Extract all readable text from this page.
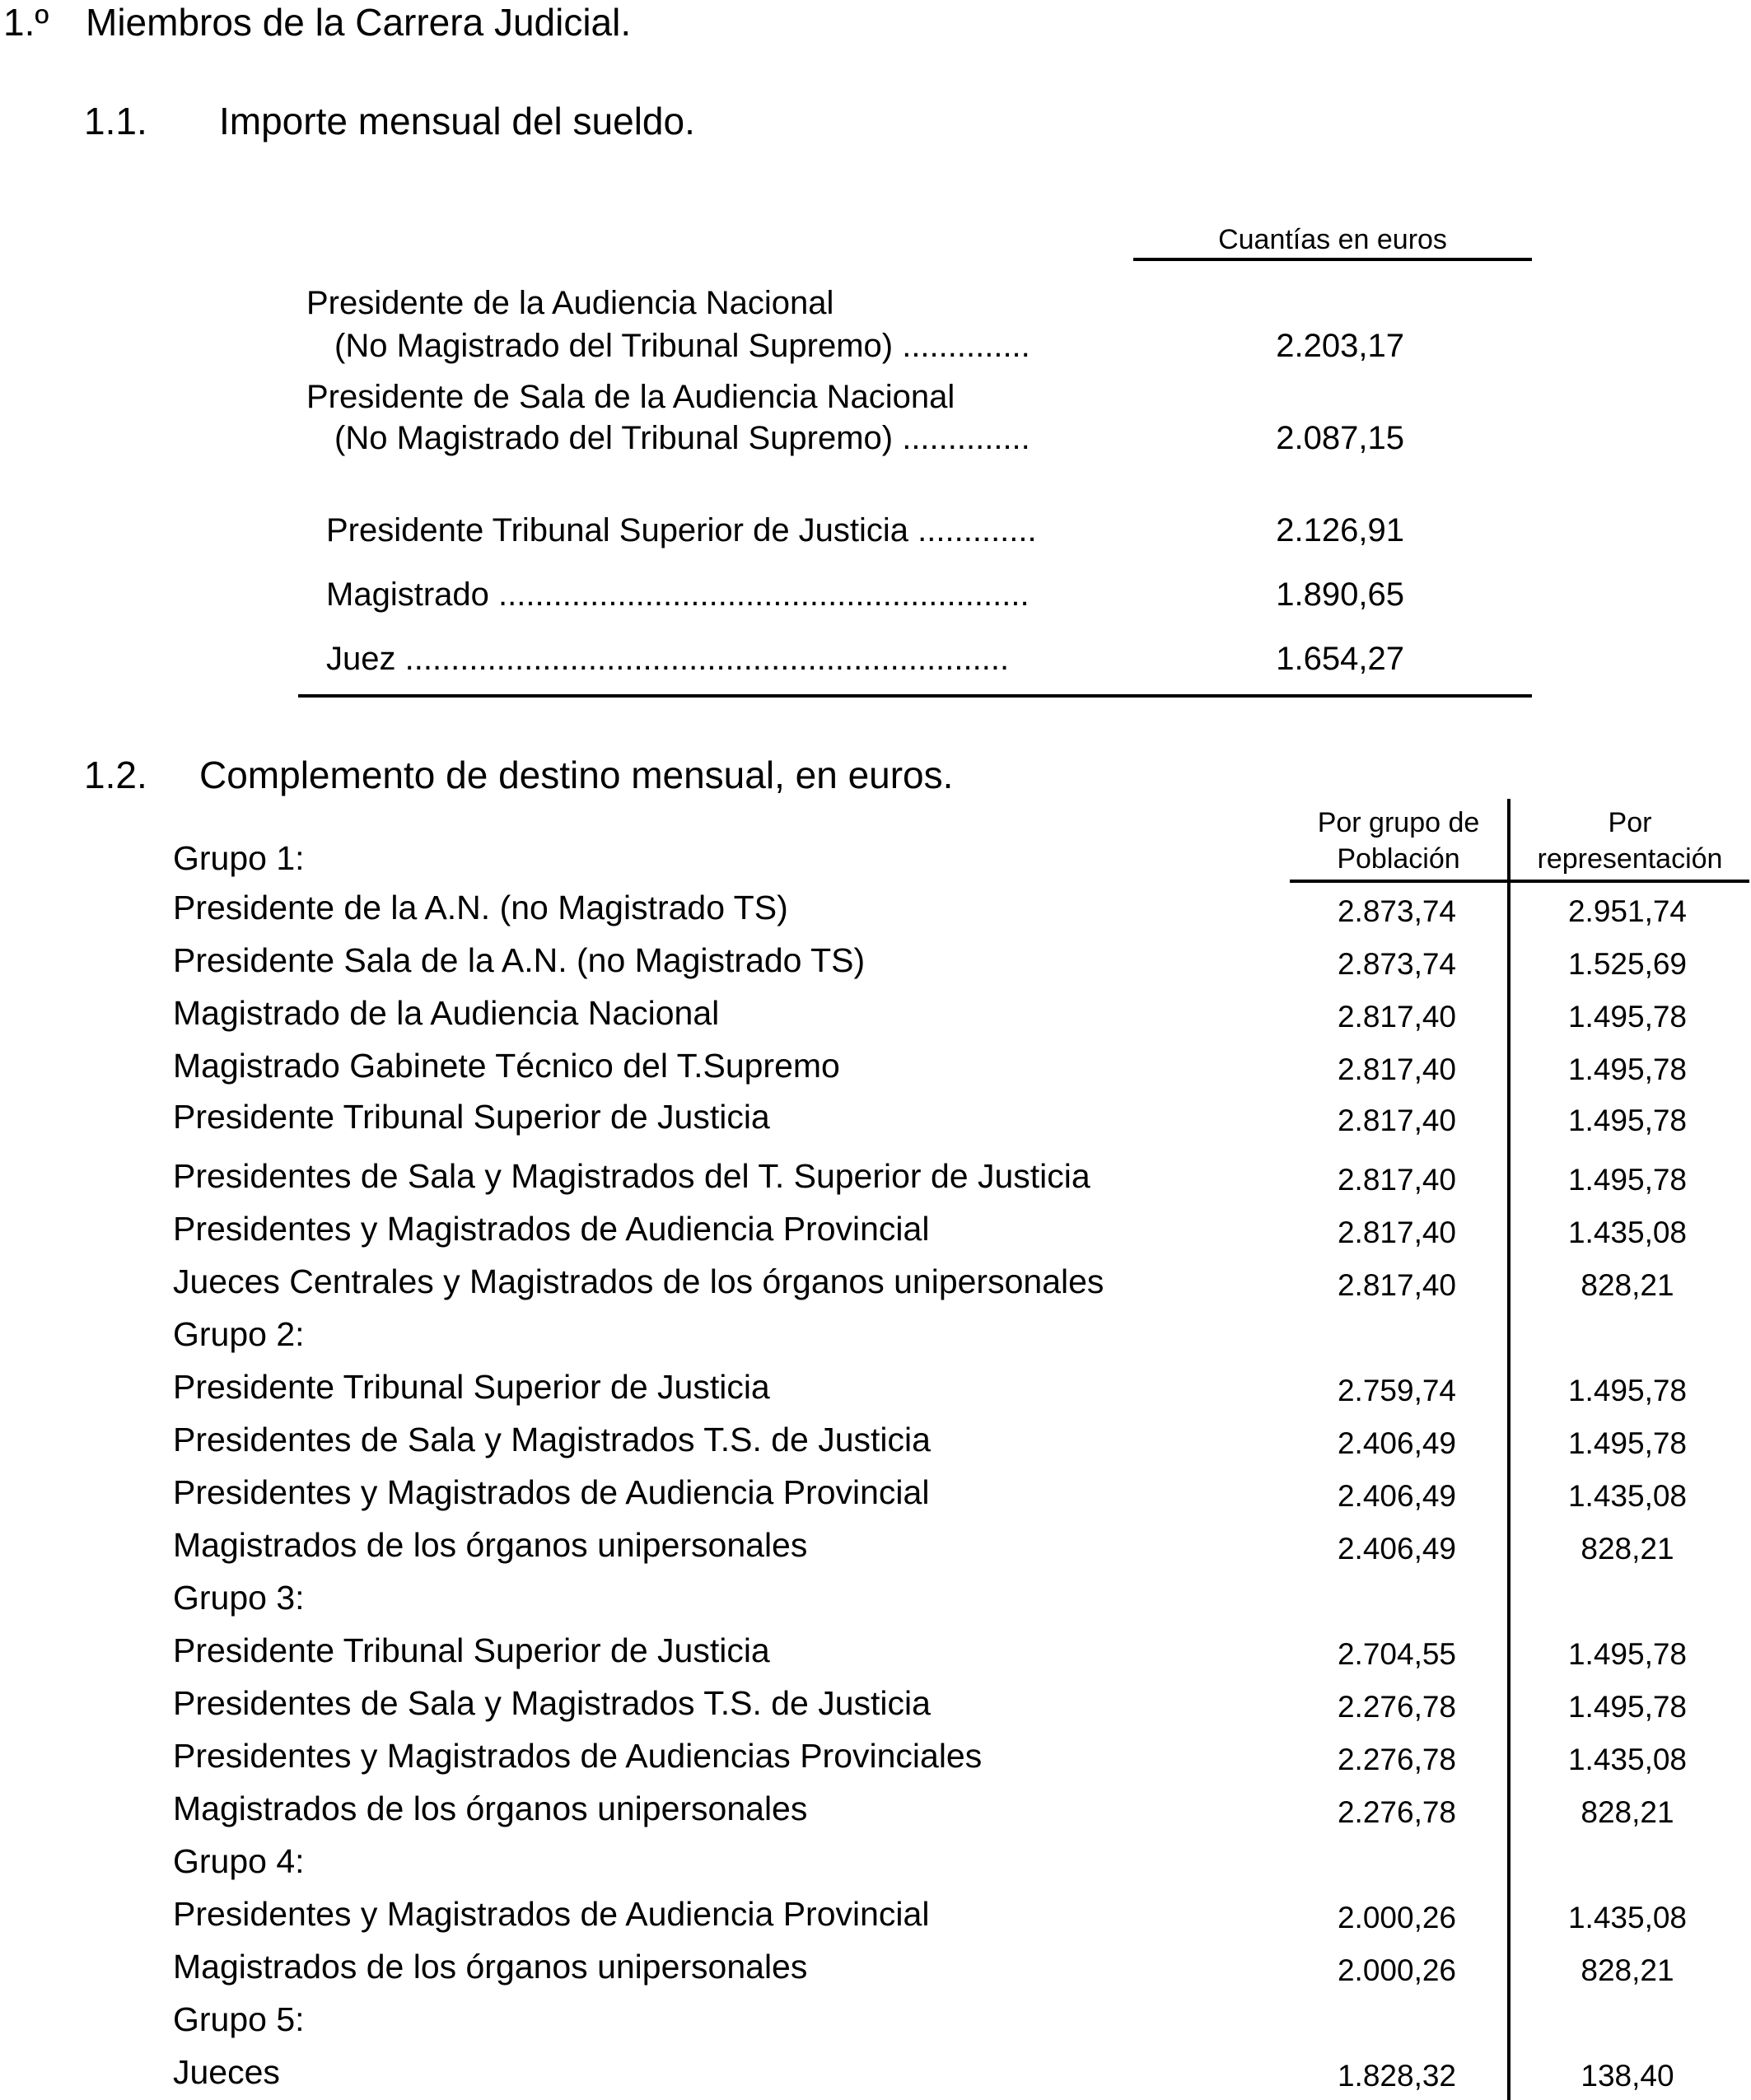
1.º Miembros de la Carrera Judicial.
1.1. Importe mensual del sueldo.
Cuantías en euros
Presidente de la Audiencia Nacional
(No Magistrado del Tribunal Supremo) ..............	2.203,17
Presidente de Sala de la Audiencia Nacional
(No Magistrado del Tribunal Supremo) ..............	2.087,15
Presidente Tribunal Superior de Justicia .............	2.126,91
Magistrado ..........................................................	1.890,65
Juez ..................................................................	1.654,27
1.2. Complemento de destino mensual, en euros.
Por grupo de
Población
Por
representación
Grupo 1:
Presidente de la A.N. (no Magistrado TS)	2.873,74	2.951,74
Presidente Sala de la A.N. (no Magistrado TS)	2.873,74	1.525,69
Magistrado de la Audiencia Nacional	2.817,40	1.495,78
Magistrado Gabinete Técnico del T.Supremo	2.817,40	1.495,78
Presidente Tribunal Superior de Justicia	2.817,40	1.495,78
Presidentes de Sala y Magistrados del T. Superior de Justicia	2.817,40	1.495,78
Presidentes y Magistrados de Audiencia Provincial	2.817,40	1.435,08
Jueces Centrales y Magistrados de los órganos unipersonales	2.817,40	828,21
Grupo 2:
Presidente Tribunal Superior de Justicia	2.759,74	1.495,78
Presidentes de Sala y Magistrados T.S. de Justicia	2.406,49	1.495,78
Presidentes y Magistrados de Audiencia Provincial	2.406,49	1.435,08
Magistrados de los órganos unipersonales	2.406,49	828,21
Grupo 3:
Presidente Tribunal Superior de Justicia	2.704,55	1.495,78
Presidentes de Sala y Magistrados T.S. de Justicia	2.276,78	1.495,78
Presidentes y Magistrados de Audiencias Provinciales	2.276,78	1.435,08
Magistrados de los órganos unipersonales	2.276,78	828,21
Grupo 4:
Presidentes y Magistrados de Audiencia Provincial	2.000,26	1.435,08
Magistrados de los órganos unipersonales	2.000,26	828,21
Grupo 5:
Jueces	1.828,32	138,40
